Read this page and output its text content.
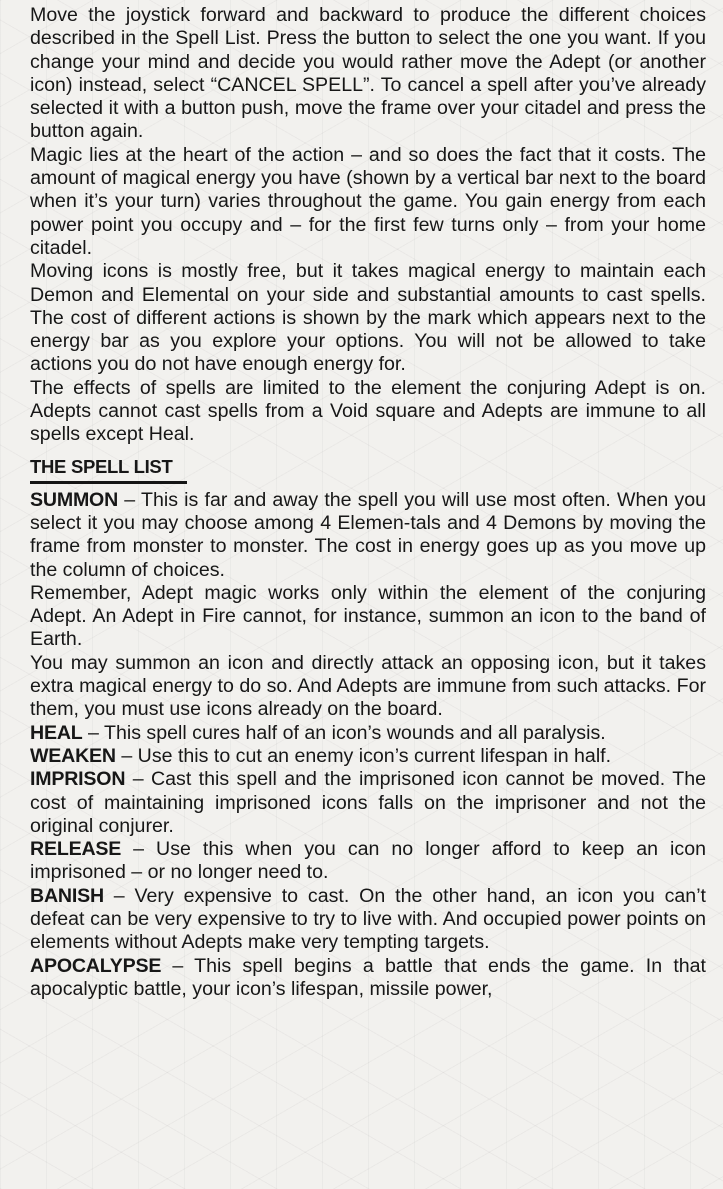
Move the joystick forward and backward to produce the different choices described in the Spell List. Press the button to select the one you want. If you change your mind and decide you would rather move the Adept (or another icon) instead, select “CANCEL SPELL”. To cancel a spell after you’ve already selected it with a button push, move the frame over your citadel and press the button again.

Magic lies at the heart of the action – and so does the fact that it costs. The amount of magical energy you have (shown by a vertical bar next to the board when it’s your turn) varies throughout the game. You gain energy from each power point you occupy and – for the first few turns only – from your home citadel.

Moving icons is mostly free, but it takes magical energy to maintain each Demon and Elemental on your side and substantial amounts to cast spells. The cost of different actions is shown by the mark which appears next to the energy bar as you explore your options. You will not be allowed to take actions you do not have enough energy for.

The effects of spells are limited to the element the conjuring Adept is on. Adepts cannot cast spells from a Void square and Adepts are immune to all spells except Heal.

THE SPELL LIST

SUMMON – This is far and away the spell you will use most often. When you select it you may choose among 4 Elemen-tals and 4 Demons by moving the frame from monster to monster. The cost in energy goes up as you move up the column of choices.

Remember, Adept magic works only within the element of the conjuring Adept. An Adept in Fire cannot, for instance, summon an icon to the band of Earth.

You may summon an icon and directly attack an opposing icon, but it takes extra magical energy to do so. And Adepts are immune from such attacks. For them, you must use icons already on the board.

HEAL – This spell cures half of an icon’s wounds and all paralysis.

WEAKEN – Use this to cut an enemy icon’s current lifespan in half.

IMPRISON – Cast this spell and the imprisoned icon cannot be moved. The cost of maintaining imprisoned icons falls on the imprisoner and not the original conjurer.

RELEASE – Use this when you can no longer afford to keep an icon imprisoned – or no longer need to.

BANISH – Very expensive to cast. On the other hand, an icon you can’t defeat can be very expensive to try to live with. And occupied power points on elements without Adepts make very tempting targets.

APOCALYPSE – This spell begins a battle that ends the game. In that apocalyptic battle, your icon’s lifespan, missile power,
